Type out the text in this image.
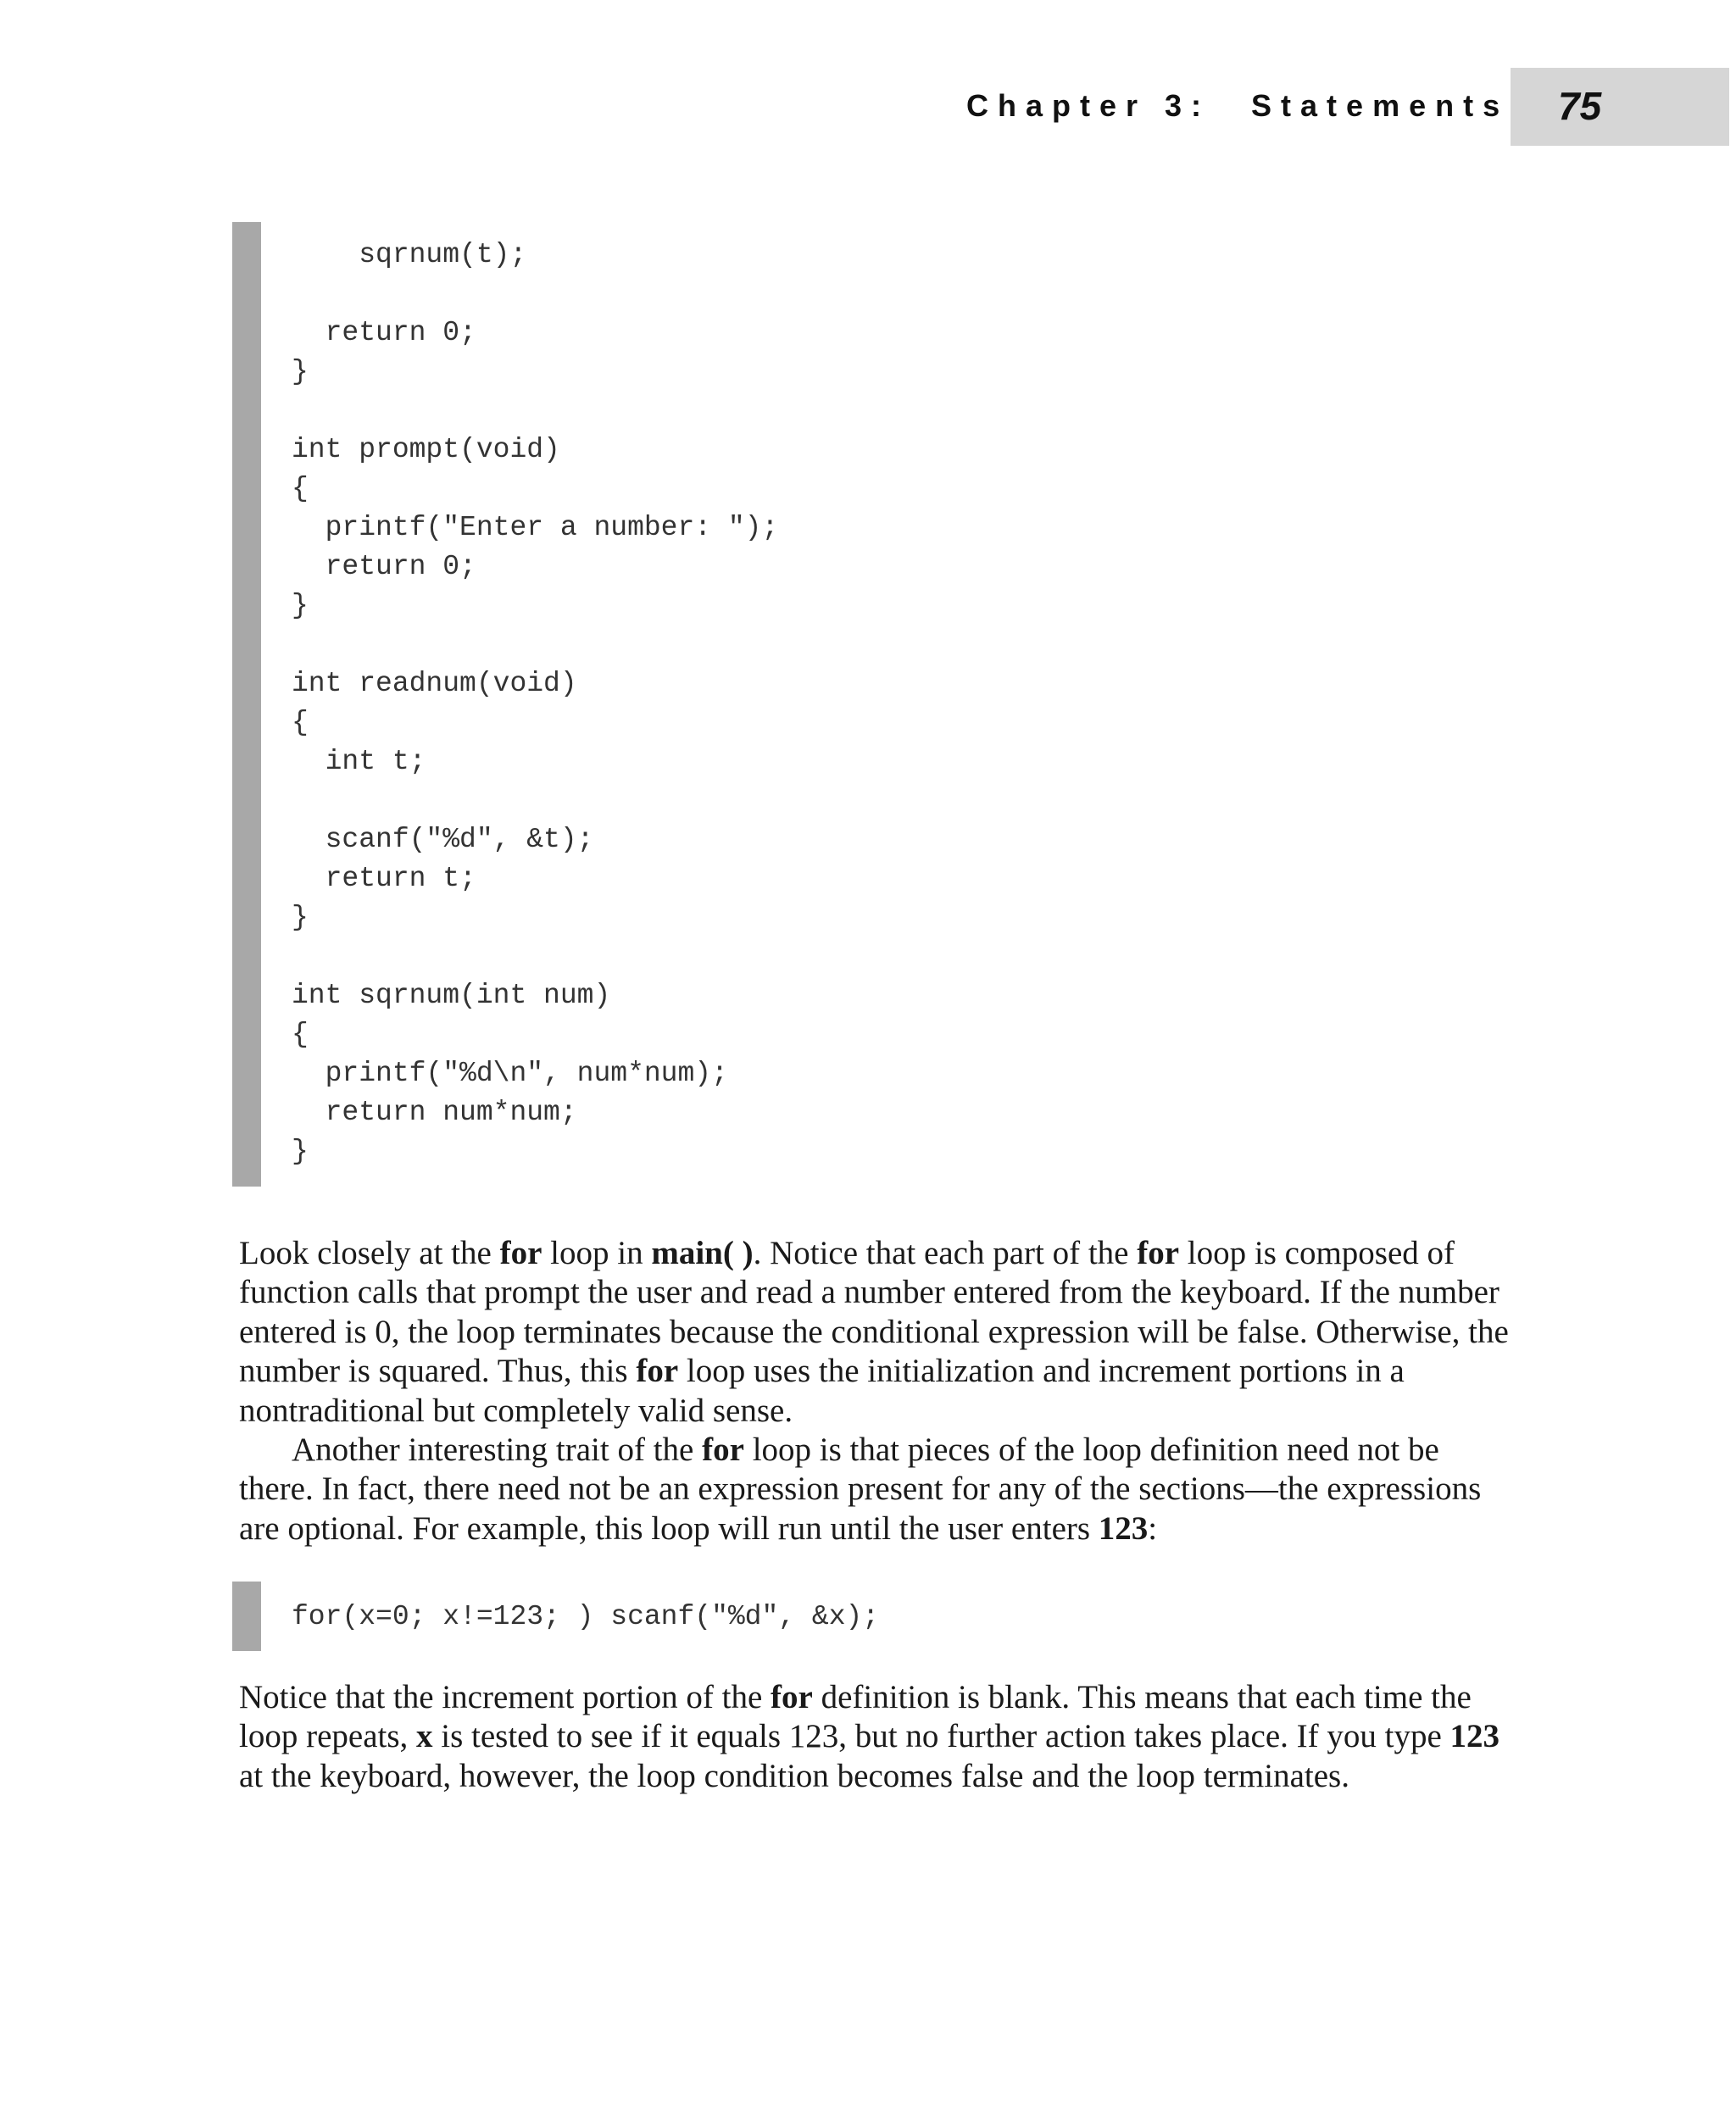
Chapter 3: Statements 75
sqrnum(t);

return 0;
}

int prompt(void)
{
printf("Enter a number: ");
return 0;
}

int readnum(void)
{
int t;

scanf("%d", &t);
return t;
}

int sqrnum(int num)
{
printf("%d\n", num*num);
return num*num;
}

Look closely at the for loop in main( ). Notice that each part of the for loop is composed of function calls that prompt the user and read a number entered from the keyboard. If the number entered is 0, the loop terminates because the conditional expression will be false. Otherwise, the number is squared. Thus, this for loop uses the initialization and increment portions in a nontraditional but completely valid sense.

Another interesting trait of the for loop is that pieces of the loop definition need not be there. In fact, there need not be an expression present for any of the sections—the expressions are optional. For example, this loop will run until the user enters 123:

for(x=0; x!=123; ) scanf("%d", &x);

Notice that the increment portion of the for definition is blank. This means that each time the loop repeats, x is tested to see if it equals 123, but no further action takes place. If you type 123 at the keyboard, however, the loop condition becomes false and the loop terminates.
